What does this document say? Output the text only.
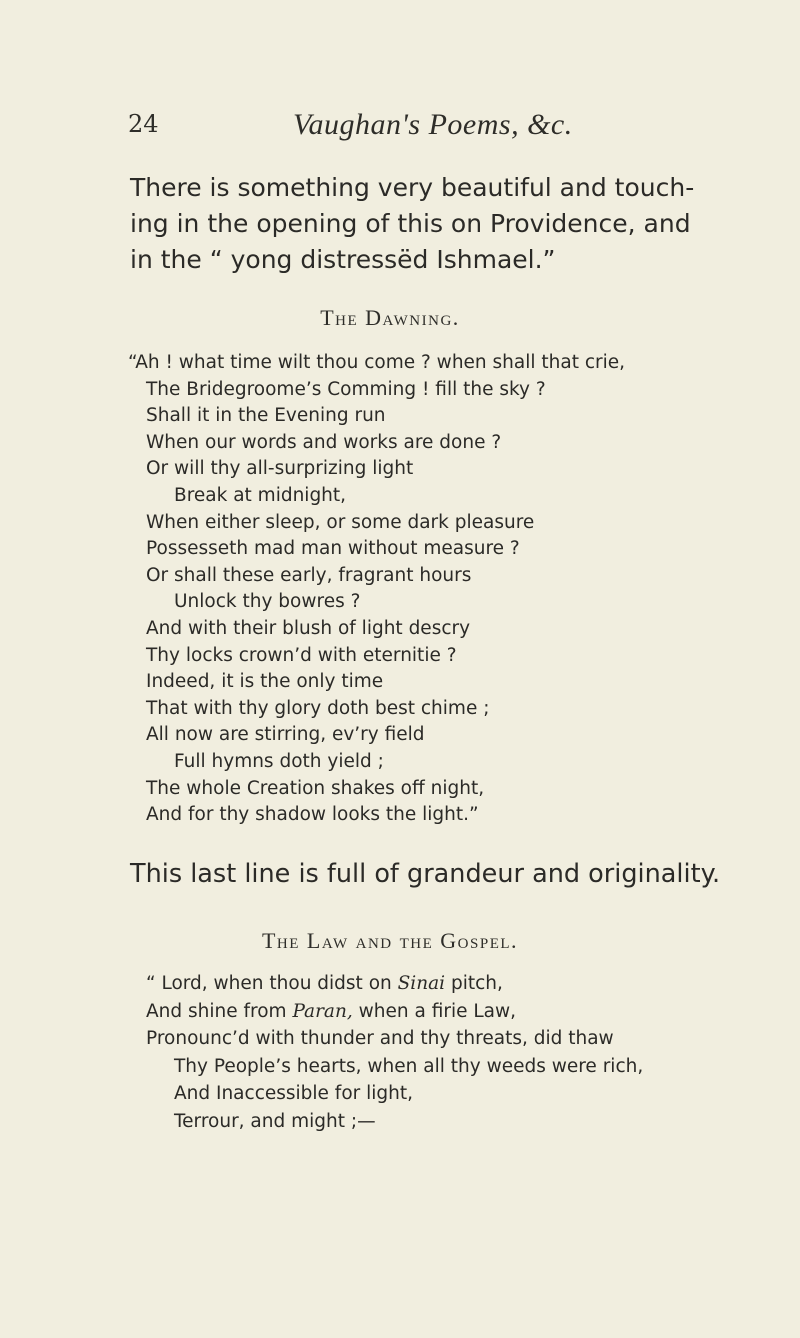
24	Vaughan's Poems, &c.

There is something very beautiful and touch-
ing in the opening of this on Providence, and
in the “ yong distressëd Ishmael.”

The Dawning.
“Ah ! what time wilt thou come ? when shall that crie,
The Bridegroome’s Comming ! fill the sky ?
Shall it in the Evening run
When our words and works are done ?
Or will thy all-surprizing light
Break at midnight,
When either sleep, or some dark pleasure
Possesseth mad man without measure ?
Or shall these early, fragrant hours
Unlock thy bowres ?
And with their blush of light descry
Thy locks crown’d with eternitie ?
Indeed, it is the only time
That with thy glory doth best chime ;
All now are stirring, ev’ry field
Full hymns doth yield ;
The whole Creation shakes off night,
And for thy shadow looks the light.”

This last line is full of grandeur and originality.

The Law and the Gospel.
“ Lord, when thou didst on Sinai pitch,
And shine from Paran, when a firie Law,
Pronounc’d with thunder and thy threats, did thaw
Thy People’s hearts, when all thy weeds were rich,
And Inaccessible for light,
Terrour, and might ;—
